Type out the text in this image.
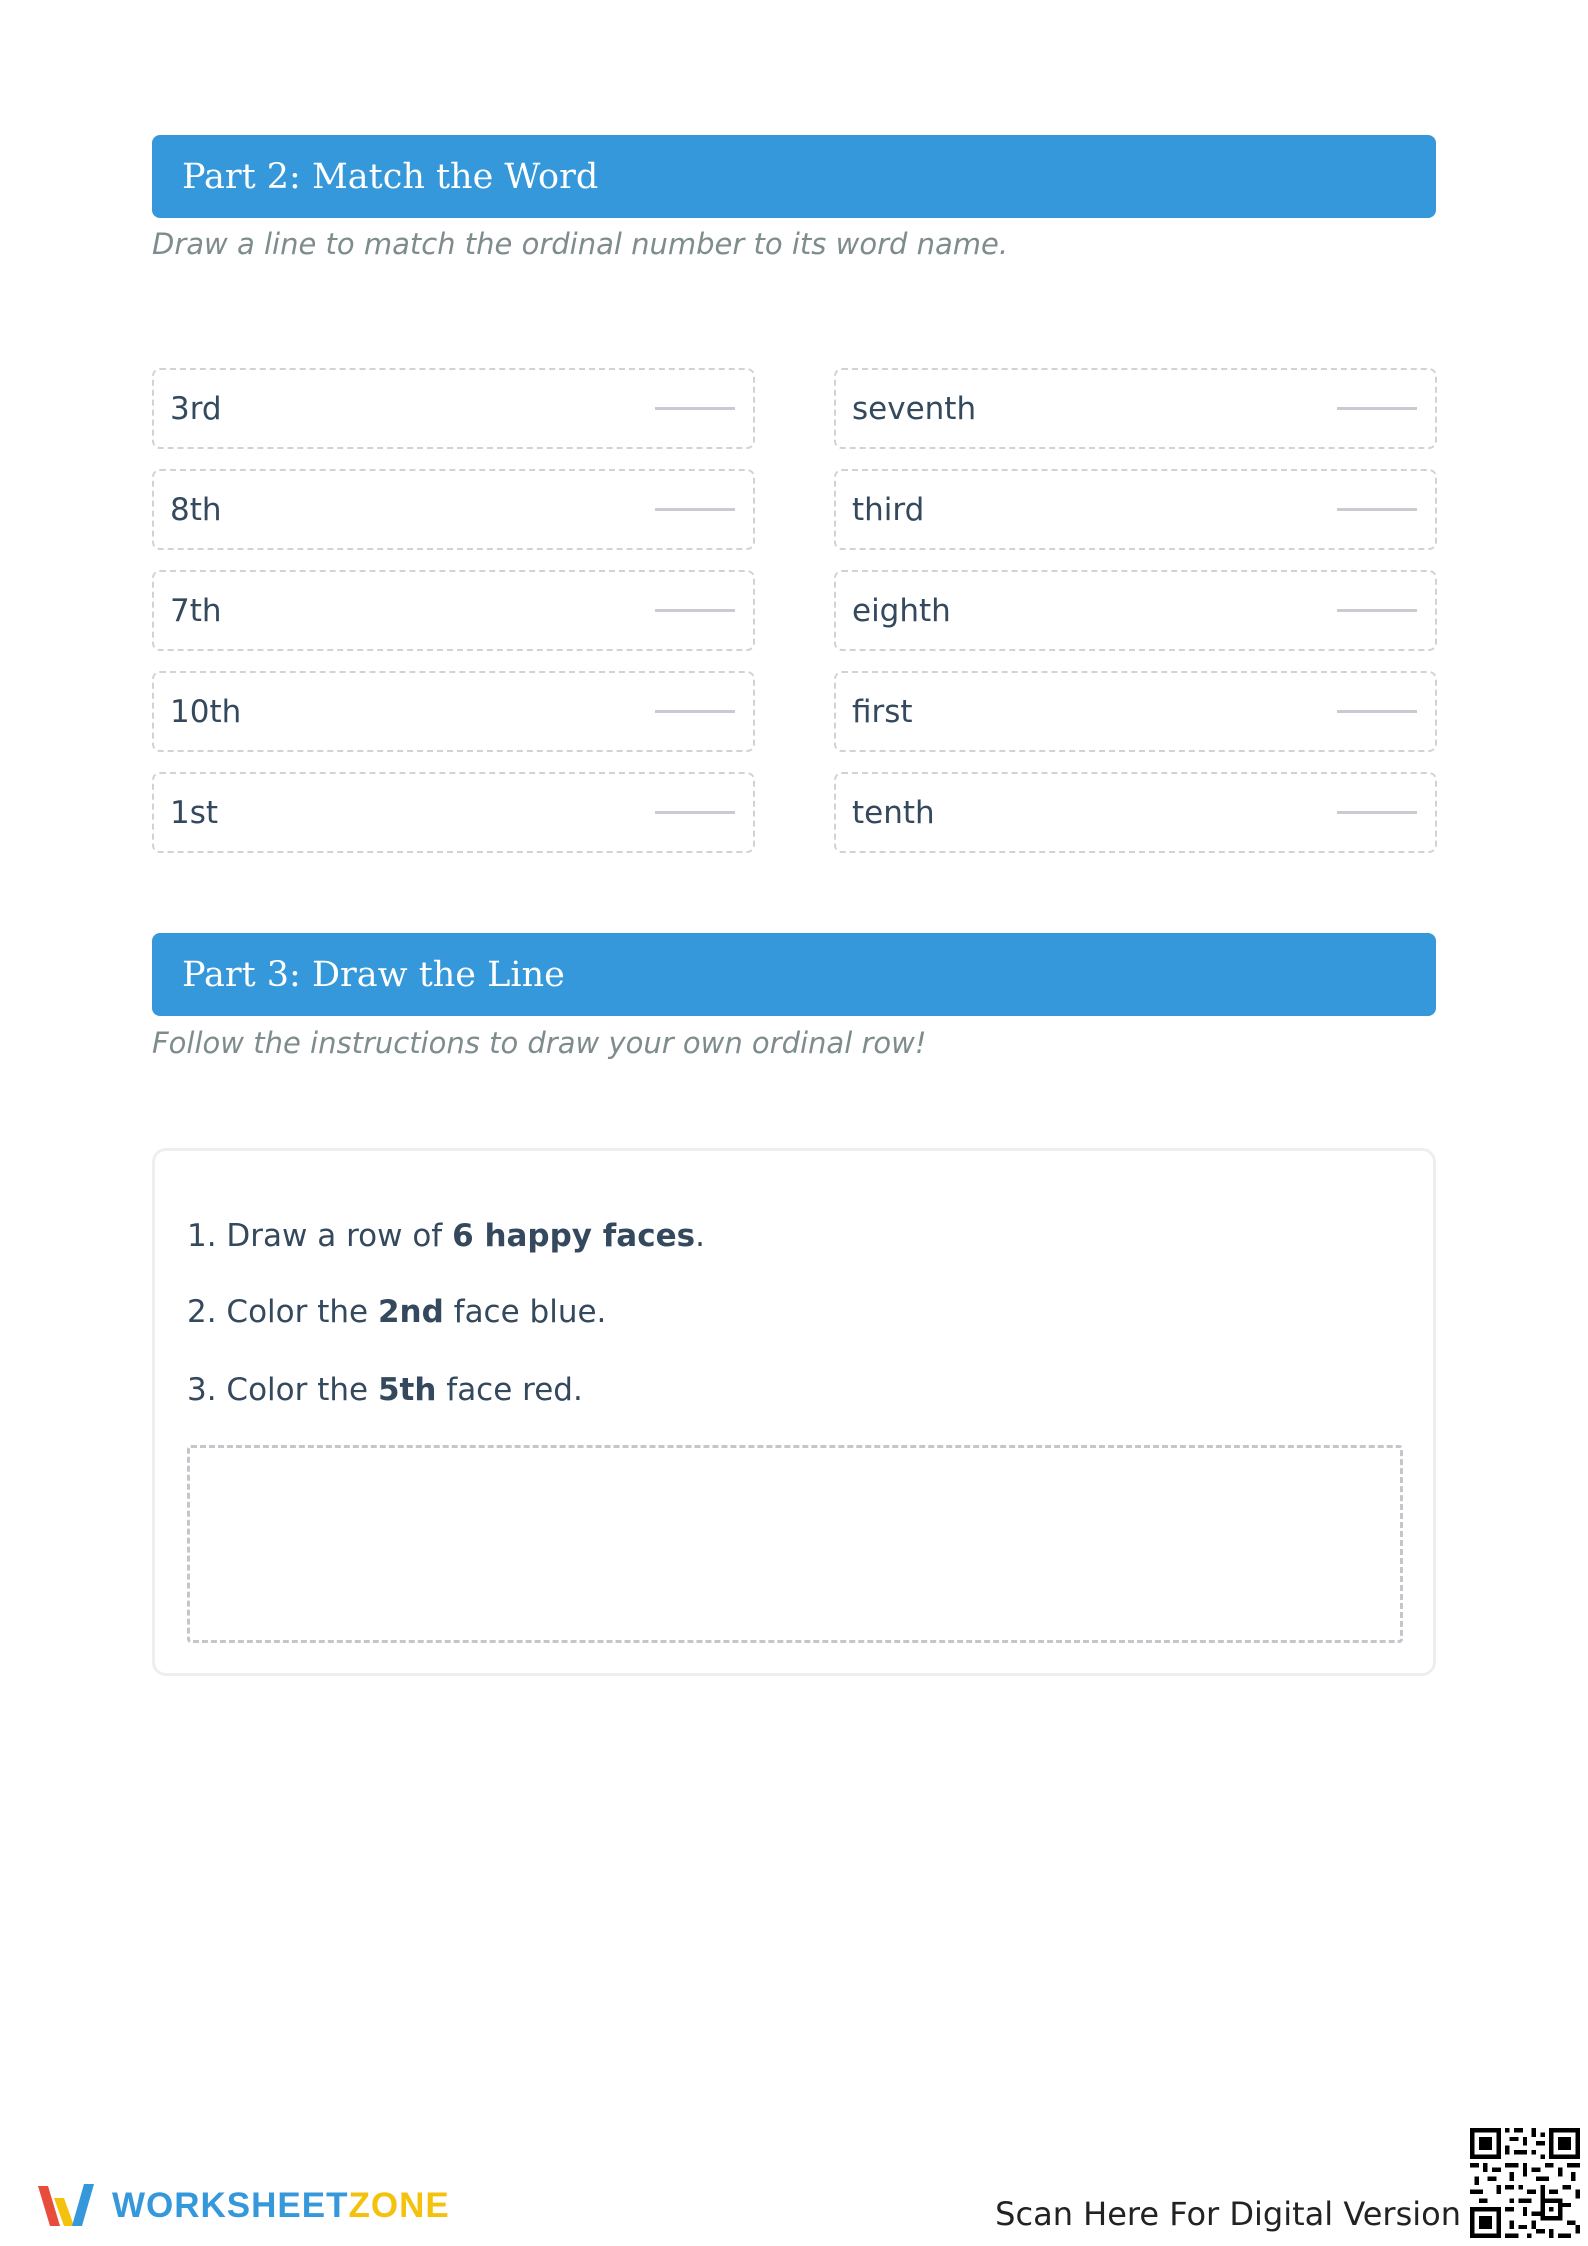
Part 2: Match the Word
Draw a line to match the ordinal number to its word name.
3rd
8th
7th
10th
1st
seventh
third
eighth
first
tenth
Part 3: Draw the Line
Follow the instructions to draw your own ordinal row!
1. Draw a row of 6 happy faces.
2. Color the 2nd face blue.
3. Color the 5th face red.
WORKSHEETZONE	Scan Here For Digital Version
